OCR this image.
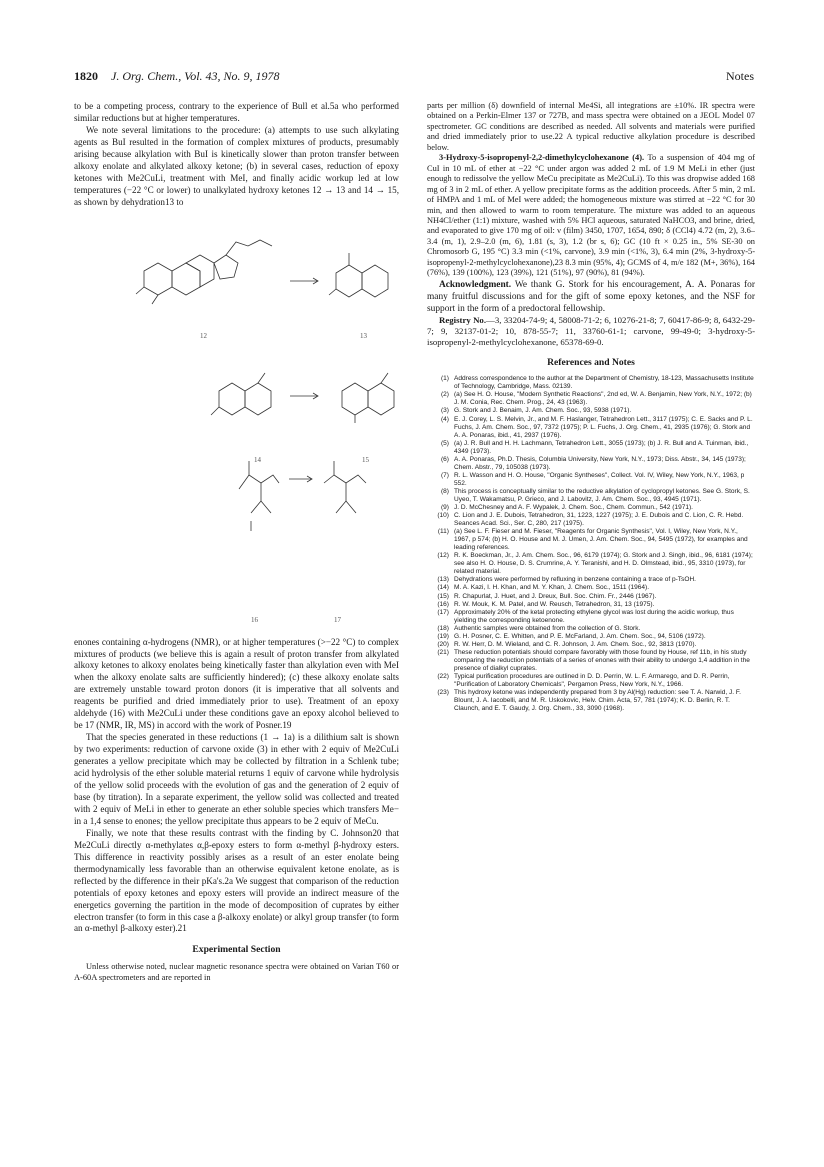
1820 J. Org. Chem., Vol. 43, No. 9, 1978	Notes

to be a competing process, contrary to the experience of Bull et al.5a who performed similar reductions but at higher temperatures.

We note several limitations to the procedure: (a) attempts to use such alkylating agents as BuI resulted in the formation of complex mixtures of products, presumably arising because alkylation with BuI is kinetically slower than proton transfer between alkoxy enolate and alkylated alkoxy ketone; (b) in several cases, reduction of epoxy ketones with Me2CuLi, treatment with MeI, and finally acidic workup led at low temperatures (−22 °C or lower) to unalkylated hydroxy ketones 12 → 13 and 14 → 15, as shown by dehydration13 to

12	13
14	15
16	17

enones containing α-hydrogens (NMR), or at higher temperatures (>−22 °C) to complex mixtures of products (we believe this is again a result of proton transfer from alkylated alkoxy ketones to alkoxy enolates being kinetically faster than alkylation even with MeI when the alkoxy enolate salts are sufficiently hindered); (c) these alkoxy enolate salts are extremely unstable toward proton donors (it is imperative that all solvents and reagents be purified and dried immediately prior to use). Treatment of an epoxy aldehyde (16) with Me2CuLi under these conditions gave an epoxy alcohol believed to be 17 (NMR, IR, MS) in accord with the work of Posner.19

That the species generated in these reductions (1 → 1a) is a dilithium salt is shown by two experiments: reduction of carvone oxide (3) in ether with 2 equiv of Me2CuLi generates a yellow precipitate which may be collected by filtration in a Schlenk tube; acid hydrolysis of the ether soluble material returns 1 equiv of carvone while hydrolysis of the yellow solid proceeds with the evolution of gas and the generation of 2 equiv of base (by titration). In a separate experiment, the yellow solid was collected and treated with 2 equiv of MeLi in ether to generate an ether soluble species which transfers Me− in a 1,4 sense to enones; the yellow precipitate thus appears to be 2 equiv of MeCu.

Finally, we note that these results contrast with the finding by C. Johnson20 that Me2CuLi directly α-methylates α,β-epoxy esters to form α-methyl β-hydroxy esters. This difference in reactivity possibly arises as a result of an ester enolate being thermodynamically less favorable than an otherwise equivalent ketone enolate, as is reflected by the difference in their pKa's.2a We suggest that comparison of the reduction potentials of epoxy ketones and epoxy esters will provide an indirect measure of the energetics governing the partition in the mode of decomposition of cuprates by either electron transfer (to form in this case a β-alkoxy enolate) or alkyl group transfer (to form an α-methyl β-alkoxy ester).21

Experimental Section

Unless otherwise noted, nuclear magnetic resonance spectra were obtained on Varian T60 or A-60A spectrometers and are reported in

parts per million (δ) downfield of internal Me4Si, all integrations are ±10%. IR spectra were obtained on a Perkin-Elmer 137 or 727B, and mass spectra were obtained on a JEOL Model 07 spectrometer. GC conditions are described as needed. All solvents and materials were purified and dried immediately prior to use.22 A typical reductive alkylation procedure is described below.

3-Hydroxy-5-isopropenyl-2,2-dimethylcyclohexanone (4). To a suspension of 404 mg of CuI in 10 mL of ether at −22 °C under argon was added 2 mL of 1.9 M MeLi in ether (just enough to redissolve the yellow MeCu precipitate as Me2CuLi). To this was dropwise added 168 mg of 3 in 2 mL of ether. A yellow precipitate forms as the addition proceeds. After 5 min, 2 mL of HMPA and 1 mL of MeI were added; the homogeneous mixture was stirred at −22 °C for 30 min, and then allowed to warm to room temperature. The mixture was added to an aqueous NH4Cl/ether (1:1) mixture, washed with 5% HCl aqueous, saturated NaHCO3, and brine, dried, and evaporated to give 170 mg of oil: ν (film) 3450, 1707, 1654, 890; δ (CCl4) 4.72 (m, 2), 3.6–3.4 (m, 1), 2.9–2.0 (m, 6), 1.81 (s, 3), 1.2 (br s, 6); GC (10 ft × 0.25 in., 5% SE-30 on Chromosorb G, 195 °C) 3.3 min (<1%, carvone), 3.9 min (<1%, 3), 6.4 min (2%, 3-hydroxy-5-isopropenyl-2-methylcyclohexanone),23 8.3 min (95%, 4); GCMS of 4, m/e 182 (M+, 36%), 164 (76%), 139 (100%), 123 (39%), 121 (51%), 97 (90%), 81 (94%).

Acknowledgment. We thank G. Stork for his encouragement, A. A. Ponaras for many fruitful discussions and for the gift of some epoxy ketones, and the NSF for support in the form of a predoctoral fellowship.

Registry No.—3, 33204-74-9; 4, 58008-71-2; 6, 10276-21-8; 7, 60417-86-9; 8, 6432-29-7; 9, 32137-01-2; 10, 878-55-7; 11, 33760-61-1; carvone, 99-49-0; 3-hydroxy-5-isopropenyl-2-methylcyclohexanone, 65378-69-0.

References and Notes
(1) Address correspondence to the author at the Department of Chemistry, 18-123, Massachusetts Institute of Technology, Cambridge, Mass. 02139.
(2) (a) See H. O. House, "Modern Synthetic Reactions", 2nd ed, W. A. Benjamin, New York, N.Y., 1972; (b) J. M. Conia, Rec. Chem. Prog., 24, 43 (1963).
(3) G. Stork and J. Benaim, J. Am. Chem. Soc., 93, 5938 (1971).
(4) E. J. Corey, L. S. Melvin, Jr., and M. F. Haslanger, Tetrahedron Lett., 3117 (1975); C. E. Sacks and P. L. Fuchs, J. Am. Chem. Soc., 97, 7372 (1975); P. L. Fuchs, J. Org. Chem., 41, 2935 (1976); G. Stork and A. A. Ponaras, ibid., 41, 2937 (1976).
(5) (a) J. R. Bull and H. H. Lachmann, Tetrahedron Lett., 3055 (1973); (b) J. R. Bull and A. Tuinman, ibid., 4349 (1973).
(6) A. A. Ponaras, Ph.D. Thesis, Columbia University, New York, N.Y., 1973; Diss. Abstr., 34, 145 (1973); Chem. Abstr., 79, 105038 (1973).
(7) R. L. Wasson and H. O. House, "Organic Syntheses", Collect. Vol. IV, Wiley, New York, N.Y., 1963, p 552.
(8) This process is conceptually similar to the reductive alkylation of cyclopropyl ketones. See G. Stork, S. Uyeo, T. Wakamatsu, P. Grieco, and J. Labovitz, J. Am. Chem. Soc., 93, 4945 (1971).
(9) J. D. McChesney and A. F. Wypalek, J. Chem. Soc., Chem. Commun., 542 (1971).
(10) C. Lion and J. E. Dubois, Tetrahedron, 31, 1223, 1227 (1975); J. E. Dubois and C. Lion, C. R. Hebd. Seances Acad. Sci., Ser. C, 280, 217 (1975).
(11) (a) See L. F. Fieser and M. Fieser, "Reagents for Organic Synthesis", Vol. I, Wiley, New York, N.Y., 1967, p 574; (b) H. O. House and M. J. Umen, J. Am. Chem. Soc., 94, 5495 (1972), for examples and leading references.
(12) R. K. Boeckman, Jr., J. Am. Chem. Soc., 96, 6179 (1974); G. Stork and J. Singh, ibid., 96, 6181 (1974); see also H. O. House, D. S. Crumrine, A. Y. Teranishi, and H. D. Olmstead, ibid., 95, 3310 (1973), for related material.
(13) Dehydrations were performed by refluxing in benzene containing a trace of p-TsOH.
(14) M. A. Kazi, I. H. Khan, and M. Y. Khan, J. Chem. Soc., 1511 (1964).
(15) R. Chapurlat, J. Huet, and J. Dreux, Bull. Soc. Chim. Fr., 2446 (1967).
(16) R. W. Mouk, K. M. Patel, and W. Reusch, Tetrahedron, 31, 13 (1975).
(17) Approximately 20% of the ketal protecting ethylene glycol was lost during the acidic workup, thus yielding the corresponding ketoenone.
(18) Authentic samples were obtained from the collection of G. Stork.
(19) G. H. Posner, C. E. Whitten, and P. E. McFarland, J. Am. Chem. Soc., 94, 5106 (1972).
(20) R. W. Herr, D. M. Wieland, and C. R. Johnson, J. Am. Chem. Soc., 92, 3813 (1970).
(21) These reduction potentials should compare favorably with those found by House, ref 11b, in his study comparing the reduction potentials of a series of enones with their ability to undergo 1,4 addition in the presence of dialkyl cuprates.
(22) Typical purification procedures are outlined in D. D. Perrin, W. L. F. Armarego, and D. R. Perrin, "Purification of Laboratory Chemicals", Pergamon Press, New York, N.Y., 1966.
(23) This hydroxy ketone was independently prepared from 3 by Al(Hg) reduction: see T. A. Narwid, J. F. Blount, J. A. Iacobelli, and M. R. Uskokovic, Helv. Chim. Acta, 57, 781 (1974); K. D. Berlin, R. T. Claunch, and E. T. Gaudy, J. Org. Chem., 33, 3090 (1968).
